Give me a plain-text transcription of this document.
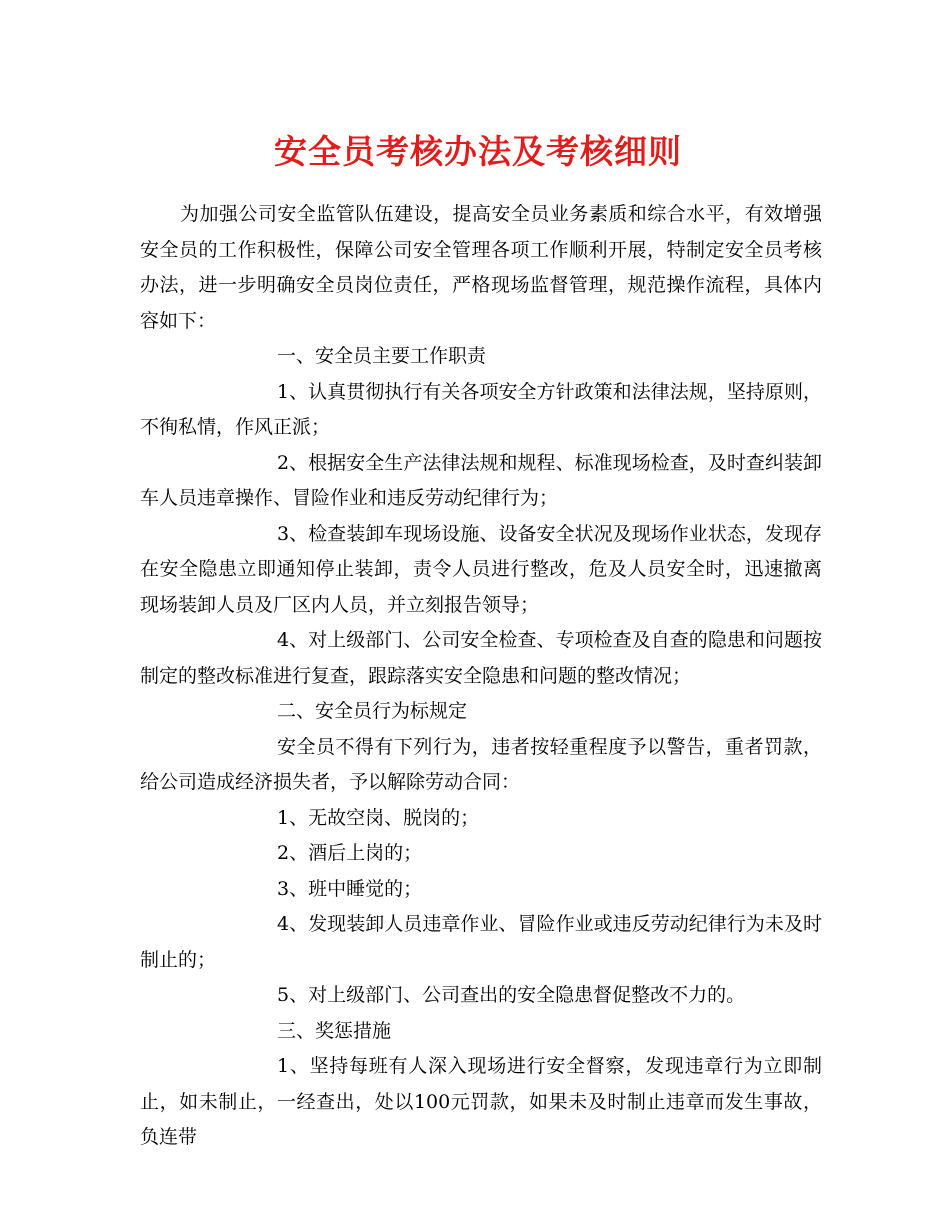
安全员考核办法及考核细则

为加强公司安全监管队伍建设，提高安全员业务素质和综合水平，有效增强安全员的工作积极性，保障公司安全管理各项工作顺利开展，特制定安全员考核办法，进一步明确安全员岗位责任，严格现场监督管理，规范操作流程，具体内容如下：

一、安全员主要工作职责

1、认真贯彻执行有关各项安全方针政策和法律法规，坚持原则，不徇私情，作风正派；

2、根据安全生产法律法规和规程、标准现场检查，及时查纠装卸车人员违章操作、冒险作业和违反劳动纪律行为；

3、检查装卸车现场设施、设备安全状况及现场作业状态，发现存在安全隐患立即通知停止装卸，责令人员进行整改，危及人员安全时，迅速撤离现场装卸人员及厂区内人员，并立刻报告领导；

4、对上级部门、公司安全检查、专项检查及自查的隐患和问题按制定的整改标准进行复查，跟踪落实安全隐患和问题的整改情况；

二、安全员行为标规定

安全员不得有下列行为，违者按轻重程度予以警告，重者罚款，给公司造成经济损失者，予以解除劳动合同：

1、无故空岗、脱岗的；

2、酒后上岗的；

3、班中睡觉的；

4、发现装卸人员违章作业、冒险作业或违反劳动纪律行为未及时制止的；

5、对上级部门、公司查出的安全隐患督促整改不力的。

三、奖惩措施

1、坚持每班有人深入现场进行安全督察，发现违章行为立即制止，如未制止，一经查出，处以100元罚款，如果未及时制止违章而发生事故，负连带
